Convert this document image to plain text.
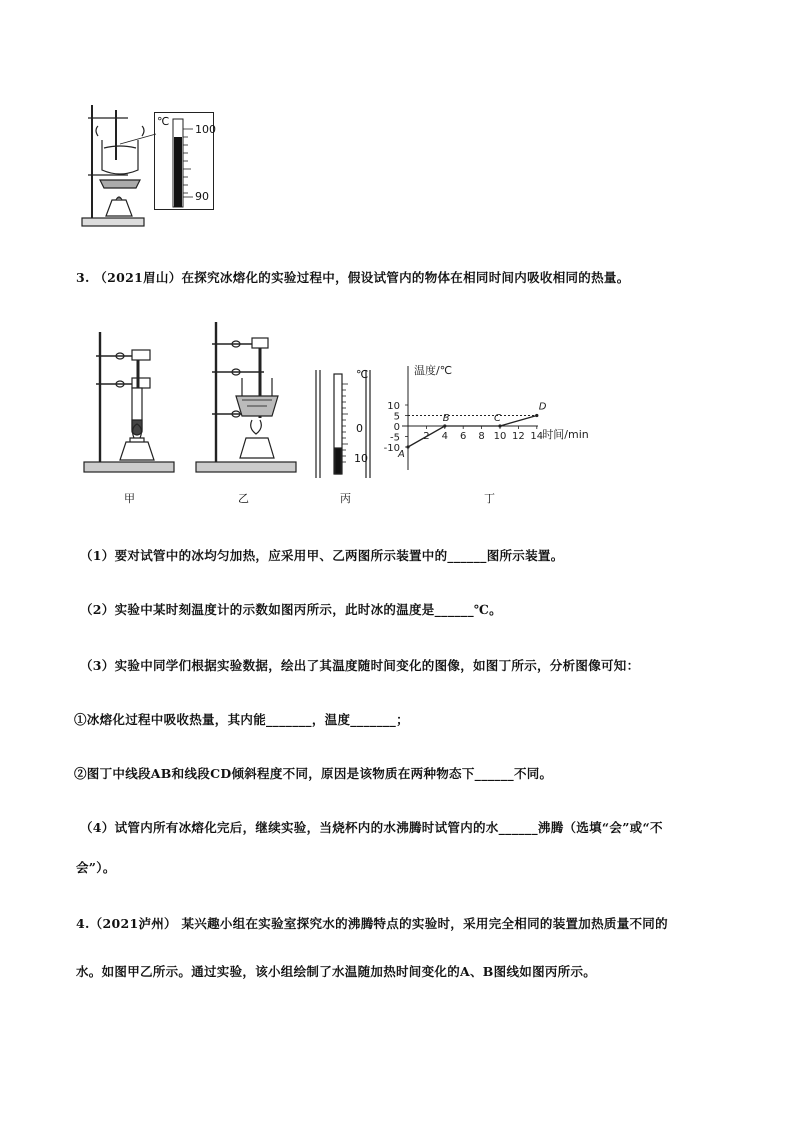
℃
100
90
3. （2021眉山）在探究冰熔化的实验过程中，假设试管内的物体在相同时间内吸收相同的热量。
℃
0
10
温度/℃
时间/min
10
5
0
-5
-10
2 4 6 8 10 12 14
A
B	C
D
甲	乙	丙	丁
（1）要对试管中的冰均匀加热，应采用甲、乙两图所示装置中的______图所示装置。
（2）实验中某时刻温度计的示数如图丙所示，此时冰的温度是______℃。
（3）实验中同学们根据实验数据，绘出了其温度随时间变化的图像，如图丁所示，分析图像可知：
①冰熔化过程中吸收热量，其内能_______，温度_______；
②图丁中线段AB和线段CD倾斜程度不同，原因是该物质在两种物态下______不同。
（4）试管内所有冰熔化完后，继续实验，当烧杯内的水沸腾时试管内的水______沸腾（选填“会”或“不
会”）。
4.（2021泸州） 某兴趣小组在实验室探究水的沸腾特点的实验时，采用完全相同的装置加热质量不同的
水。如图甲乙所示。通过实验，该小组绘制了水温随加热时间变化的A、B图线如图丙所示。
